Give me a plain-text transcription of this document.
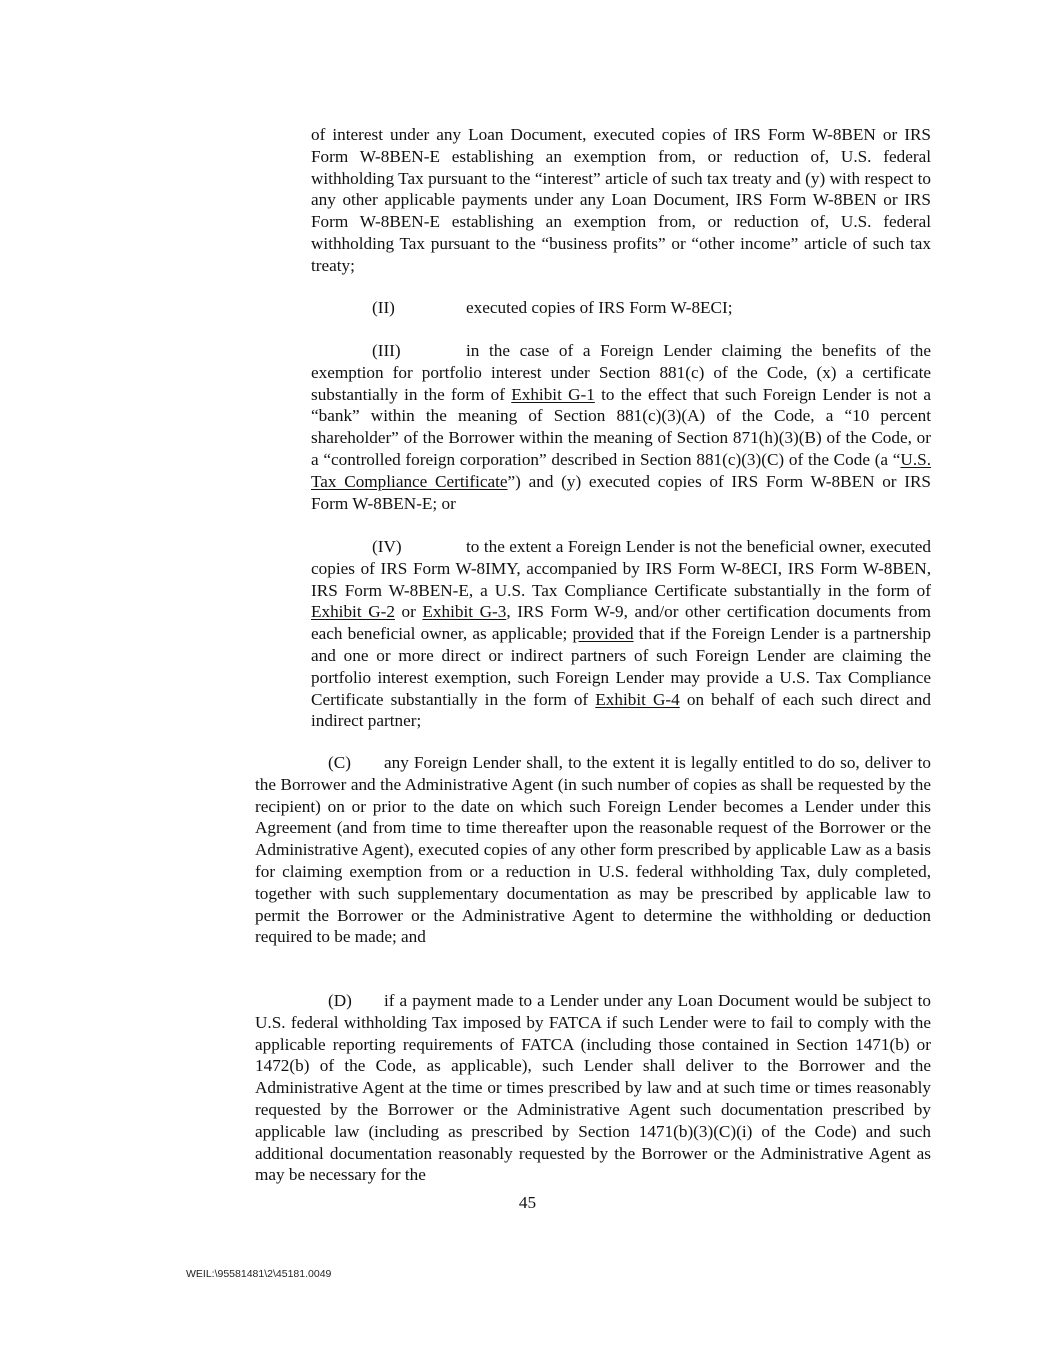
of interest under any Loan Document, executed copies of IRS Form W-8BEN or IRS Form W-8BEN-E establishing an exemption from, or reduction of, U.S. federal withholding Tax pursuant to the “interest” article of such tax treaty and (y) with respect to any other applicable payments under any Loan Document, IRS Form W-8BEN or IRS Form W-8BEN-E establishing an exemption from, or reduction of, U.S. federal withholding Tax pursuant to the “business profits” or “other income” article of such tax treaty;

(II)	executed copies of IRS Form W-8ECI;

(III)	in the case of a Foreign Lender claiming the benefits of the exemption for portfolio interest under Section 881(c) of the Code, (x) a certificate substantially in the form of Exhibit G-1 to the effect that such Foreign Lender is not a “bank” within the meaning of Section 881(c)(3)(A) of the Code, a “10 percent shareholder” of the Borrower within the meaning of Section 871(h)(3)(B) of the Code, or a “controlled foreign corporation” described in Section 881(c)(3)(C) of the Code (a “U.S. Tax Compliance Certificate”) and (y) executed copies of IRS Form W-8BEN or IRS Form W-8BEN-E; or

(IV)	to the extent a Foreign Lender is not the beneficial owner, executed copies of IRS Form W-8IMY, accompanied by IRS Form W-8ECI, IRS Form W-8BEN, IRS Form W-8BEN-E, a U.S. Tax Compliance Certificate substantially in the form of Exhibit G-2 or Exhibit G-3, IRS Form W-9, and/or other certification documents from each beneficial owner, as applicable; provided that if the Foreign Lender is a partnership and one or more direct or indirect partners of such Foreign Lender are claiming the portfolio interest exemption, such Foreign Lender may provide a U.S. Tax Compliance Certificate substantially in the form of Exhibit G-4 on behalf of each such direct and indirect partner;

(C) any Foreign Lender shall, to the extent it is legally entitled to do so, deliver to the Borrower and the Administrative Agent (in such number of copies as shall be requested by the recipient) on or prior to the date on which such Foreign Lender becomes a Lender under this Agreement (and from time to time thereafter upon the reasonable request of the Borrower or the Administrative Agent), executed copies of any other form prescribed by applicable Law as a basis for claiming exemption from or a reduction in U.S. federal withholding Tax, duly completed, together with such supplementary documentation as may be prescribed by applicable law to permit the Borrower or the Administrative Agent to determine the withholding or deduction required to be made; and

(D) if a payment made to a Lender under any Loan Document would be subject to U.S. federal withholding Tax imposed by FATCA if such Lender were to fail to comply with the applicable reporting requirements of FATCA (including those contained in Section 1471(b) or 1472(b) of the Code, as applicable), such Lender shall deliver to the Borrower and the Administrative Agent at the time or times prescribed by law and at such time or times reasonably requested by the Borrower or the Administrative Agent such documentation prescribed by applicable law (including as prescribed by Section 1471(b)(3)(C)(i) of the Code) and such additional documentation reasonably requested by the Borrower or the Administrative Agent as may be necessary for the

45
WEIL:\95581481\2\45181.0049
